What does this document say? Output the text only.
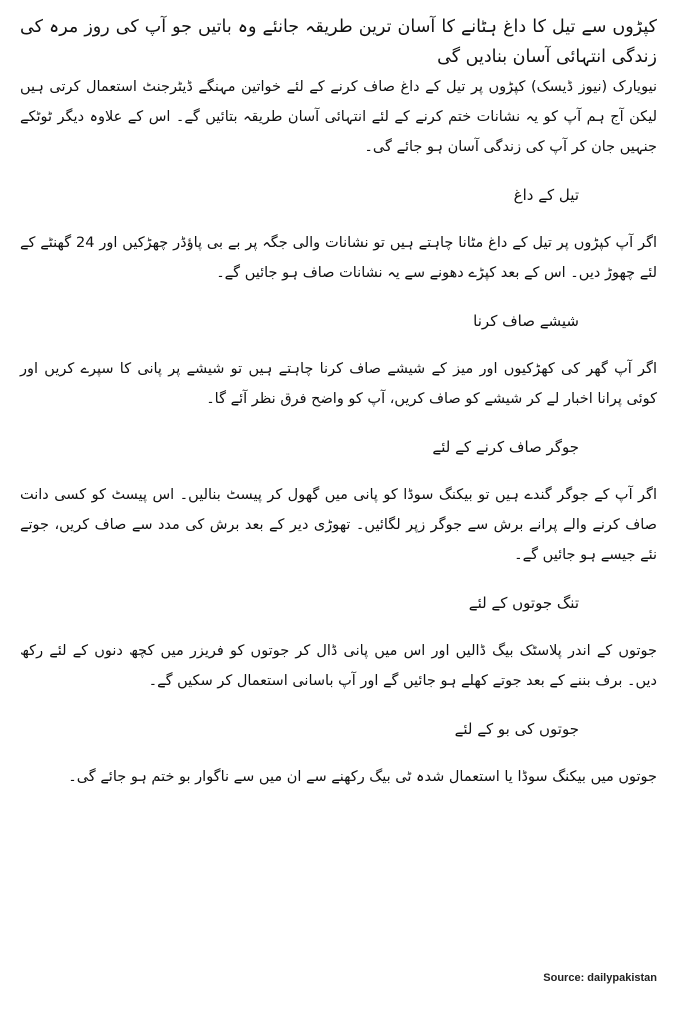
کپڑوں سے تیل کا داغ ہٹانے کا آسان ترین طریقہ جانئے وہ باتیں جو آپ کی روز مرہ کی زندگی انتہائی آسان بنادیں گی
نیویارک (نیوز ڈیسک) کپڑوں پر تیل کے داغ صاف کرنے کے لئے خواتین مہنگے ڈیٹرجنٹ استعمال کرتی ہیں لیکن آج ہم آپ کو یہ نشانات ختم کرنے کے لئے انتہائی آسان طریقہ بتائیں گے۔ اس کے علاوہ دیگر ٹوٹکے جنہیں جان کر آپ کی زندگی آسان ہو جائے گی۔
تیل کے داغ
اگر آپ کپڑوں پر تیل کے داغ مٹانا چاہتے ہیں تو نشانات والی جگہ پر بے بی پاؤڈر چھڑکیں اور 24 گھنٹے کے لئے چھوڑ دیں۔ اس کے بعد کپڑے دھونے سے یہ نشانات صاف ہو جائیں گے۔
شیشے صاف کرنا
اگر آپ گھر کی کھڑکیوں اور میز کے شیشے صاف کرنا چاہتے ہیں تو شیشے پر پانی کا سپرے کریں اور کوئی پرانا اخبار لے کر شیشے کو صاف کریں، آپ کو واضح فرق نظر آئے گا۔
جوگر صاف کرنے کے لئے
اگر آپ کے جوگر گندے ہیں تو بیکنگ سوڈا کو پانی میں گھول کر پیسٹ بنالیں۔ اس پیسٹ کو کسی دانت صاف کرنے والے پرانے برش سے جوگر زپر لگائیں۔ تھوڑی دیر کے بعد برش کی مدد سے صاف کریں، جوتے نئے جیسے ہو جائیں گے۔
تنگ جوتوں کے لئے
جوتوں کے اندر پلاسٹک بیگ ڈالیں اور اس میں پانی ڈال کر جوتوں کو فریزر میں کچھ دنوں کے لئے رکھ دیں۔ برف بننے کے بعد جوتے کھلے ہو جائیں گے اور آپ باسانی استعمال کر سکیں گے۔
جوتوں کی بو کے لئے
جوتوں میں بیکنگ سوڈا یا استعمال شدہ ٹی بیگ رکھنے سے ان میں سے ناگوار بو ختم ہو جائے گی۔
Source: dailypakistan
